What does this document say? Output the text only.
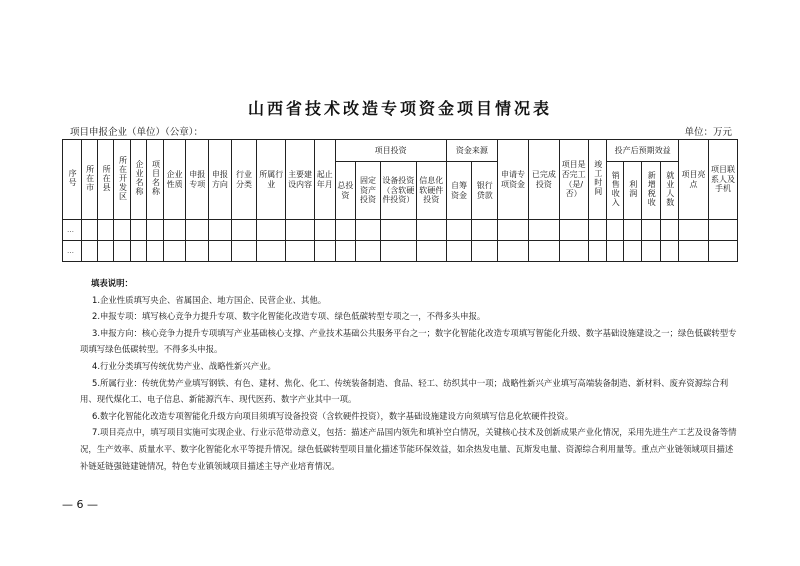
山西省技术改造专项资金项目情况表
项目申报企业（单位）（公章）：	单位：万元
序号	所在市	所在县	所在开发区	企业名称	项目名称	企业性质	申报专项	申报方向	行业分类	所属行业	主要建设内容	起止年月	项目投资				资金来源		申请专项资金	已完成投资	项目是否完工（是/否）	竣工时间	投产后预期效益				项目亮点	项目联系人及手机
													总投资	固定资产投资	设备投资（含软硬件投资）	信息化软硬件投资	自筹资金	银行贷款					销售收入	利润	新增税收	就业人数		
…																												
…																												
填表说明：

1.企业性质填写央企、省属国企、地方国企、民营企业、其他。

2.申报专项：填写核心竞争力提升专项、数字化智能化改造专项、绿色低碳转型专项之一，不得多头申报。

3.申报方向：核心竞争力提升专项填写产业基础核心支撑、产业技术基础公共服务平台之一；数字化智能化改造专项填写智能化升级、数字基础设施建设之一；绿色低碳转型专项填写绿色低碳转型。不得多头申报。

4.行业分类填写传统优势产业、战略性新兴产业。

5.所属行业：传统优势产业填写钢铁、有色、建材、焦化、化工、传统装备制造、食品、轻工、纺织其中一项；战略性新兴产业填写高端装备制造、新材料、废弃资源综合利用、现代煤化工、电子信息、新能源汽车、现代医药、数字产业其中一项。

6.数字化智能化改造专项智能化升级方向项目须填写设备投资（含软硬件投资），数字基础设施建设方向须填写信息化软硬件投资。

7.项目亮点中，填写项目实施可实现企业、行业示范带动意义，包括：描述产品国内领先和填补空白情况，关键核心技术及创新成果产业化情况，采用先进生产工艺及设备等情况，生产效率、质量水平、数字化智能化水平等提升情况。绿色低碳转型项目量化描述节能环保效益，如余热发电量、瓦斯发电量、资源综合利用量等。重点产业链领域项目描述补链延链强链建链情况，特色专业镇领域项目描述主导产业培育情况。

— 6 —
